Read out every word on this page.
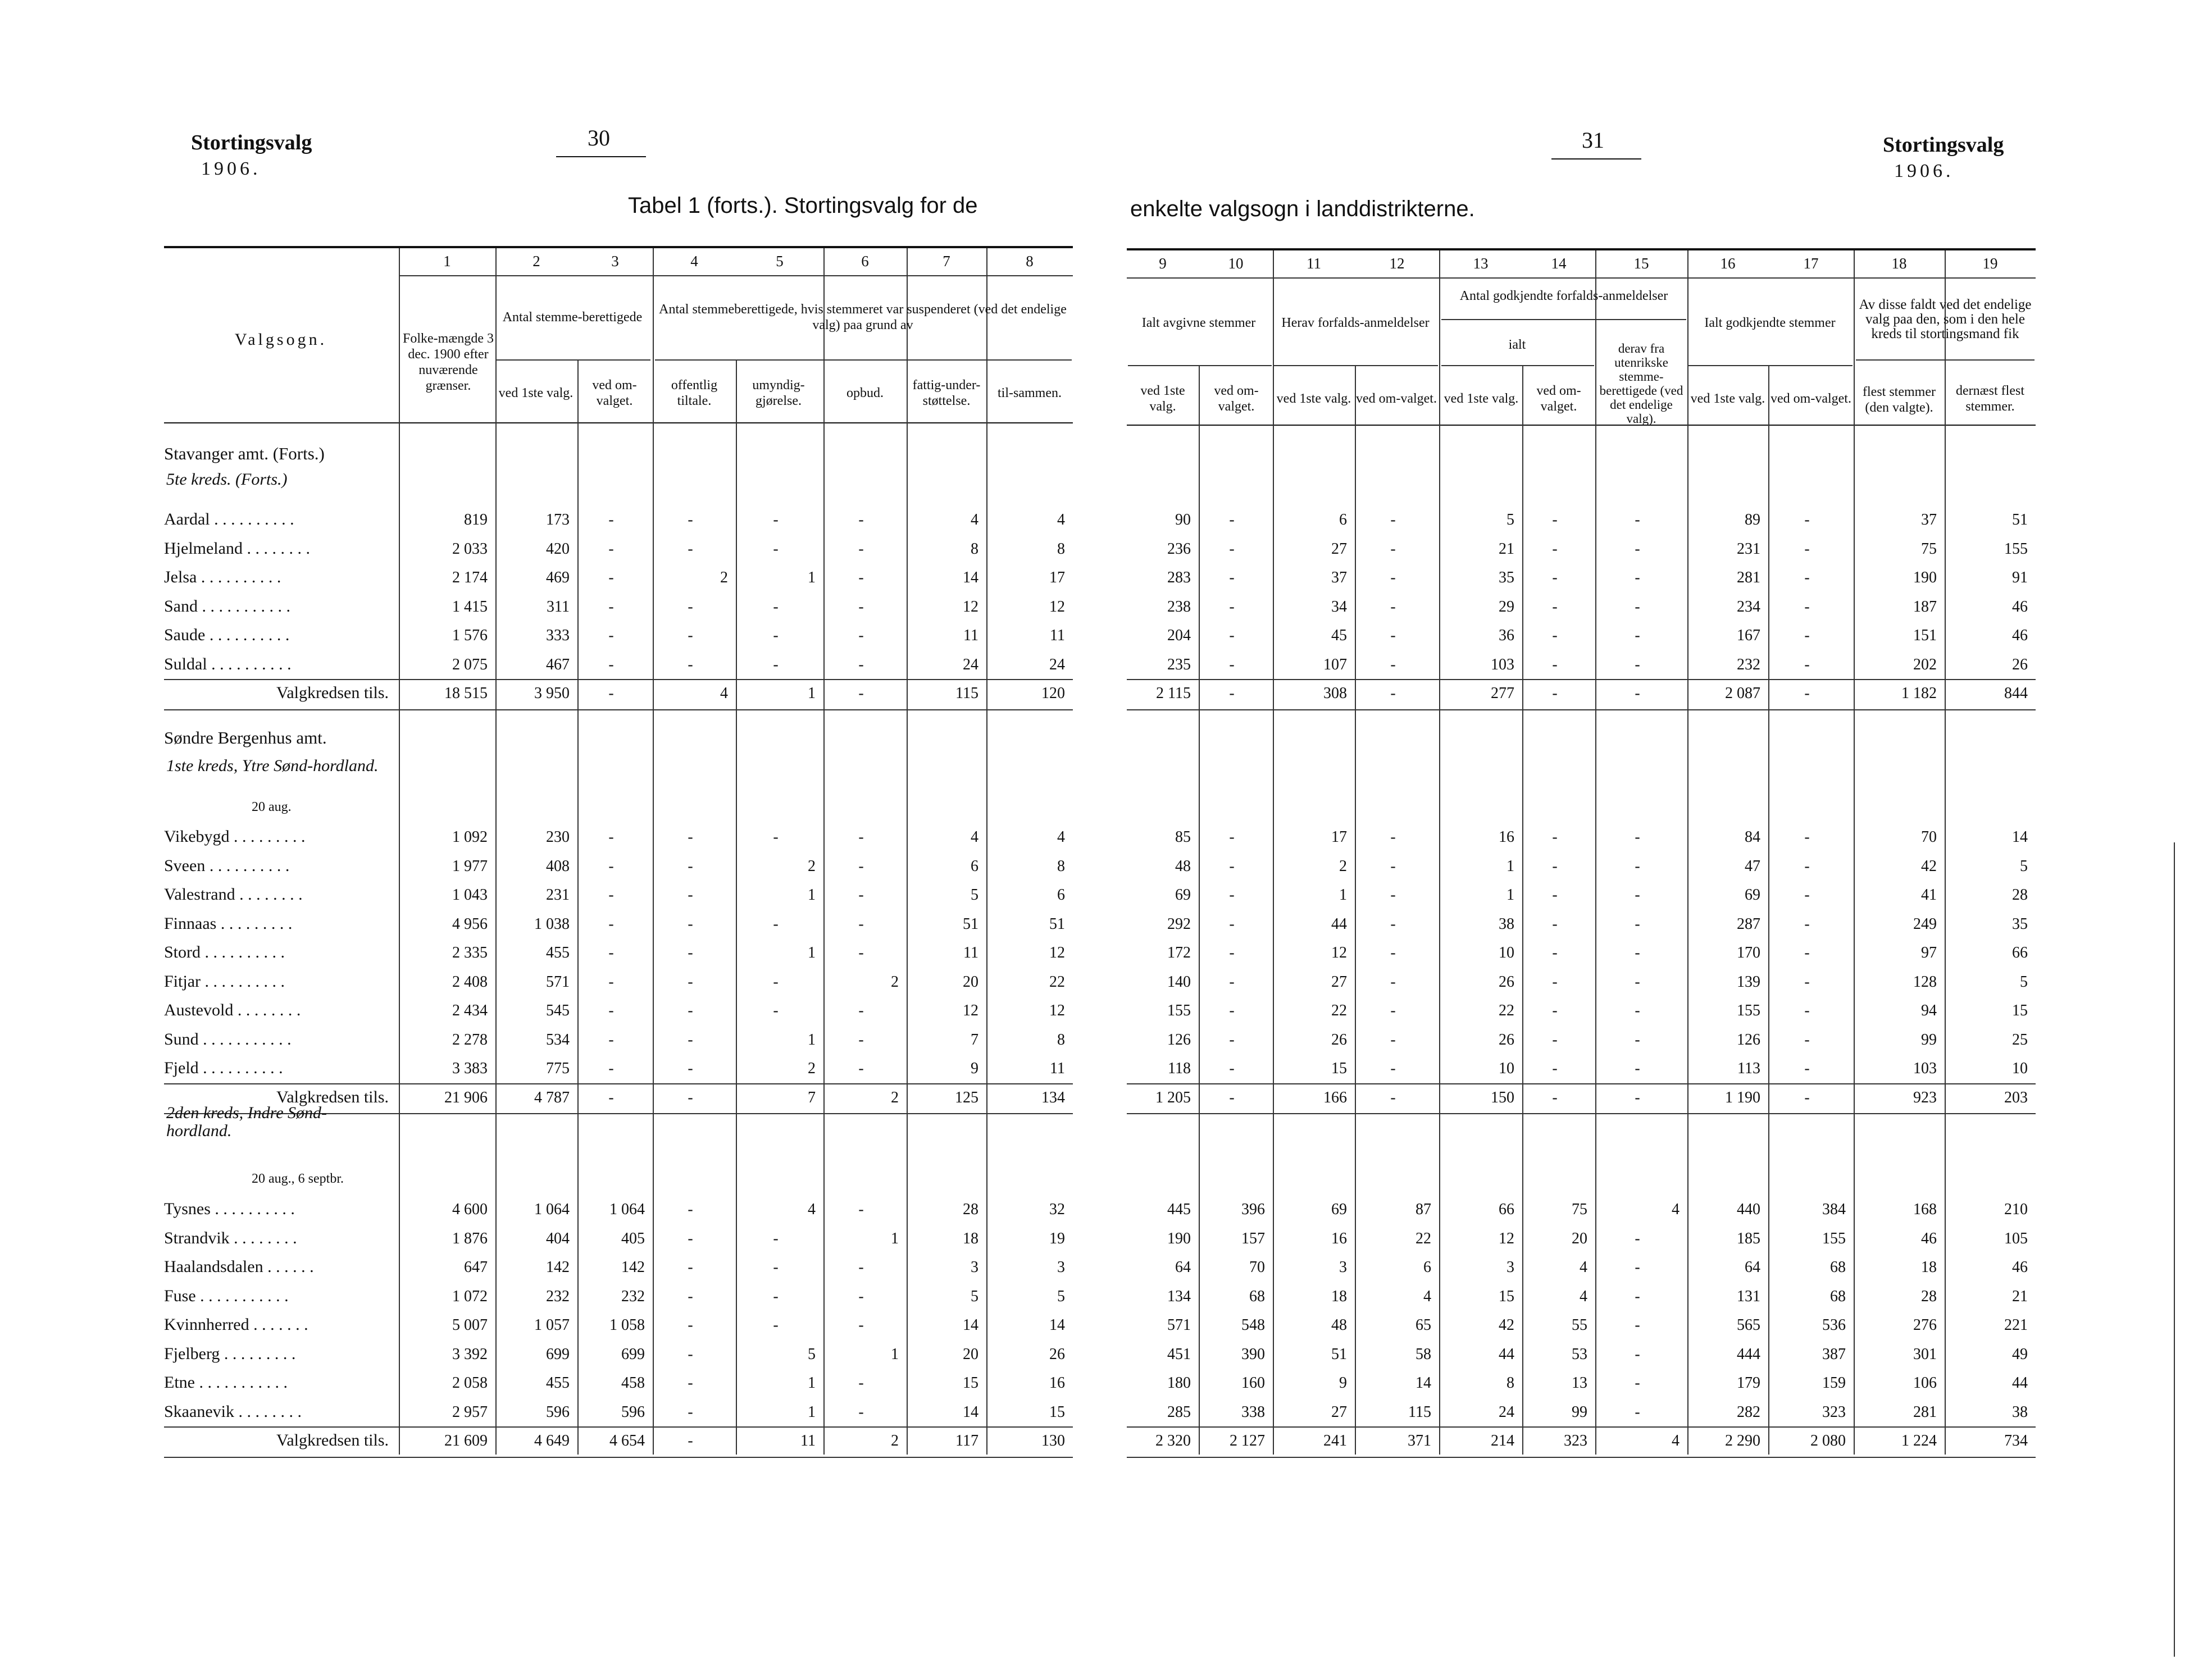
Stortingsvalg
1906.
30	31	Stortingsvalg
1906.
Tabel 1 (forts.). Stortingsvalg for de	enkelte valgsogn i landdistrikterne.
1	2	3	4	5	6	7	8	9	10	11	12	13	14	15	16	17	18	19
Valgsogn.	Folke-mængde 3 dec. 1900 efter nuværende grænser.
Antal stemme-berettigede
ved 1ste valg.
ved om-valget.
Antal stemmeberettigede, hvis stemmeret var suspenderet (ved det endelige valg) paa grund av
offentlig tiltale.
umyndig-gjørelse.
opbud.
fattig-under-støttelse.
til-sammen.
Ialt avgivne stemmer
ved 1ste valg.
ved om-valget.
Herav forfalds-anmeldelser
ved 1ste valg. ved om-valget.
Antal godkjendte forfalds-anmeldelser
ialt
ved 1ste valg.
ved om-valget.
derav fra utenrikske stemme-berettigede (ved det endelige valg).
Ialt godkjendte stemmer
ved 1ste valg. ved om-valget.
Av disse faldt ved det endelige valg paa den, som i den hele kreds til stortingsmand fik
flest stemmer (den valgte).
dernæst flest stemmer.
Stavanger amt. (Forts.)
5te kreds. (Forts.)
Aardal . . . . . . . . . .	819	173	-	-	-	-	4	4	90	-	6	-	5	-	-	89	-	37	51
Hjelmeland . . . . . . . .	2 033	420	-	-	-	-	8	8	236	-	27	-	21	-	-	231	-	75	155
Jelsa . . . . . . . . . .	2 174	469	-	2	1	-	14	17	283	-	37	-	35	-	-	281	-	190	91
Sand . . . . . . . . . . .	1 415	311	-	-	-	-	12	12	238	-	34	-	29	-	-	234	-	187	46
Saude . . . . . . . . . .	1 576	333	-	-	-	-	11	11	204	-	45	-	36	-	-	167	-	151	46
Suldal . . . . . . . . . .	2 075	467	-	-	-	-	24	24	235	-	107	-	103	-	-	232	-	202	26
Valgkredsen tils.	18 515	3 950	-	4	1	-	115	120	2 115	-	308	-	277	-	-	2 087	-	1 182	844
Søndre Bergenhus amt.
1ste kreds, Ytre Sønd-hordland.
20 aug.
Vikebygd . . . . . . . . .	1 092	230	-	-	-	-	4	4	85	-	17	-	16	-	-	84	-	70	14
Sveen . . . . . . . . . .	1 977	408	-	-	2	-	6	8	48	-	2	-	1	-	-	47	-	42	5
Valestrand . . . . . . . .	1 043	231	-	-	1	-	5	6	69	-	1	-	1	-	-	69	-	41	28
Finnaas . . . . . . . . .	4 956	1 038	-	-	-	-	51	51	292	-	44	-	38	-	-	287	-	249	35
Stord . . . . . . . . . .	2 335	455	-	-	1	-	11	12	172	-	12	-	10	-	-	170	-	97	66
Fitjar . . . . . . . . . .	2 408	571	-	-	-	2	20	22	140	-	27	-	26	-	-	139	-	128	5
Austevold . . . . . . . .	2 434	545	-	-	-	-	12	12	155	-	22	-	22	-	-	155	-	94	15
Sund . . . . . . . . . . .	2 278	534	-	-	1	-	7	8	126	-	26	-	26	-	-	126	-	99	25
Fjeld . . . . . . . . . .	3 383	775	-	-	2	-	9	11	118	-	15	-	10	-	-	113	-	103	10
Valgkredsen tils.	21 906	4 787	-	-	7	2	125	134	1 205	-	166	-	150	-	-	1 190	-	923	203
2den kreds, Indre Sønd-hordland.
20 aug., 6 septbr.
Tysnes . . . . . . . . . .	4 600	1 064	1 064	-	4	-	28	32	445	396	69	87	66	75	4	440	384	168	210
Strandvik . . . . . . . .	1 876	404	405	-	-	1	18	19	190	157	16	22	12	20	-	185	155	46	105
Haalandsdalen . . . . . .	647	142	142	-	-	-	3	3	64	70	3	6	3	4	-	64	68	18	46
Fuse . . . . . . . . . . .	1 072	232	232	-	-	-	5	5	134	68	18	4	15	4	-	131	68	28	21
Kvinnherred . . . . . . .	5 007	1 057	1 058	-	-	-	14	14	571	548	48	65	42	55	-	565	536	276	221
Fjelberg . . . . . . . . .	3 392	699	699	-	5	1	20	26	451	390	51	58	44	53	-	444	387	301	49
Etne . . . . . . . . . . .	2 058	455	458	-	1	-	15	16	180	160	9	14	8	13	-	179	159	106	44
Skaanevik . . . . . . . .	2 957	596	596	-	1	-	14	15	285	338	27	115	24	99	-	282	323	281	38
Valgkredsen tils.	21 609	4 649	4 654	-	11	2	117	130	2 320	2 127	241	371	214	323	4	2 290	2 080	1 224	734
